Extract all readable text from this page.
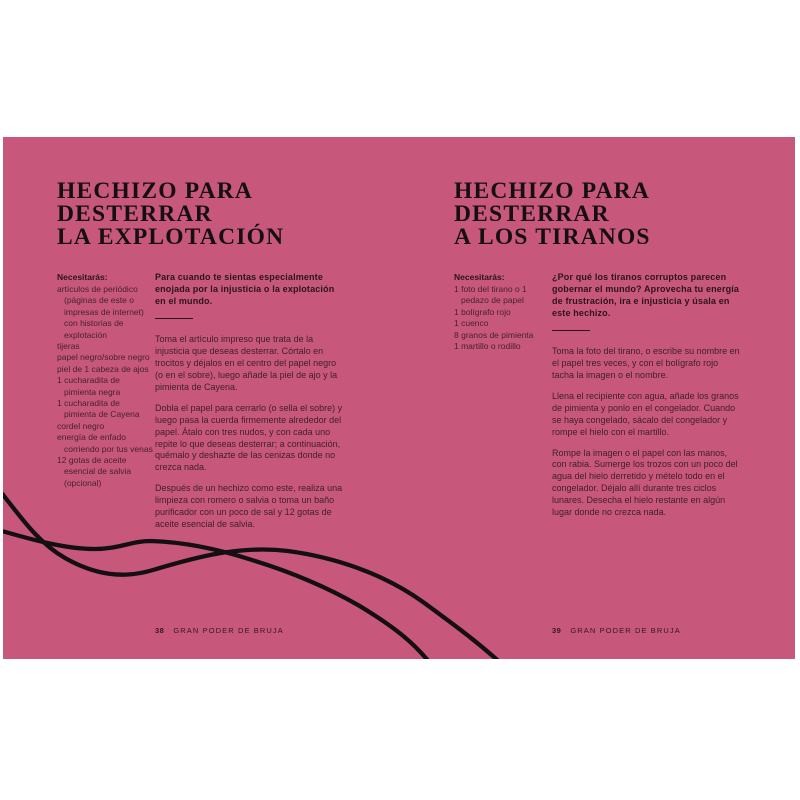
HECHIZO PARA
DESTERRAR
LA EXPLOTACIÓN
Necesitarás:
artículos de periódico (páginas de este o impresas de internet) con historias de explotación
tijeras
papel negro/sobre negro
piel de 1 cabeza de ajos
1 cucharadita de pimienta negra
1 cucharadita de pimienta de Cayena
cordel negro
energía de enfado corriendo por tus venas
12 gotas de aceite esencial de salvia (opcional)
Para cuando te sientas especialmente enojada por la injusticia o la explotación en el mundo.
Toma el artículo impreso que trata de la injusticia que deseas desterrar. Córtalo en trocitos y déjalos en el centro del papel negro (o en el sobre), luego añade la piel de ajo y la pimienta de Cayena.
Dobla el papel para cerrarlo (o sella el sobre) y luego pasa la cuerda firmemente alrededor del papel. Átalo con tres nudos, y con cada uno repite lo que deseas desterrar; a continuación, quémalo y deshazte de las cenizas donde no crezca nada.
Después de un hechizo como este, realiza una limpieza con romero o salvia o toma un baño purificador con un poco de sal y 12 gotas de aceite esencial de salvia.
38 GRAN PODER DE BRUJA
HECHIZO PARA
DESTERRAR
A LOS TIRANOS
Necesitarás:
1 foto del tirano o 1 pedazo de papel
1 bolígrafo rojo
1 cuenco
8 granos de pimienta
1 martillo o rodillo
¿Por qué los tiranos corruptos parecen gobernar el mundo? Aprovecha tu energía de frustración, ira e injusticia y úsala en este hechizo.
Toma la foto del tirano, o escribe su nombre en el papel tres veces, y con el bolígrafo rojo tacha la imagen o el nombre.
Llena el recipiente con agua, añade los granos de pimienta y ponlo en el congelador. Cuando se haya congelado, sácalo del congelador y rompe el hielo con el martillo.
Rompe la imagen o el papel con las manos, con rabia. Sumerge los trozos con un poco del agua del hielo derretido y mételo todo en el congelador. Déjalo allí durante tres ciclos lunares. Desecha el hielo restante en algún lugar donde no crezca nada.
39 GRAN PODER DE BRUJA
